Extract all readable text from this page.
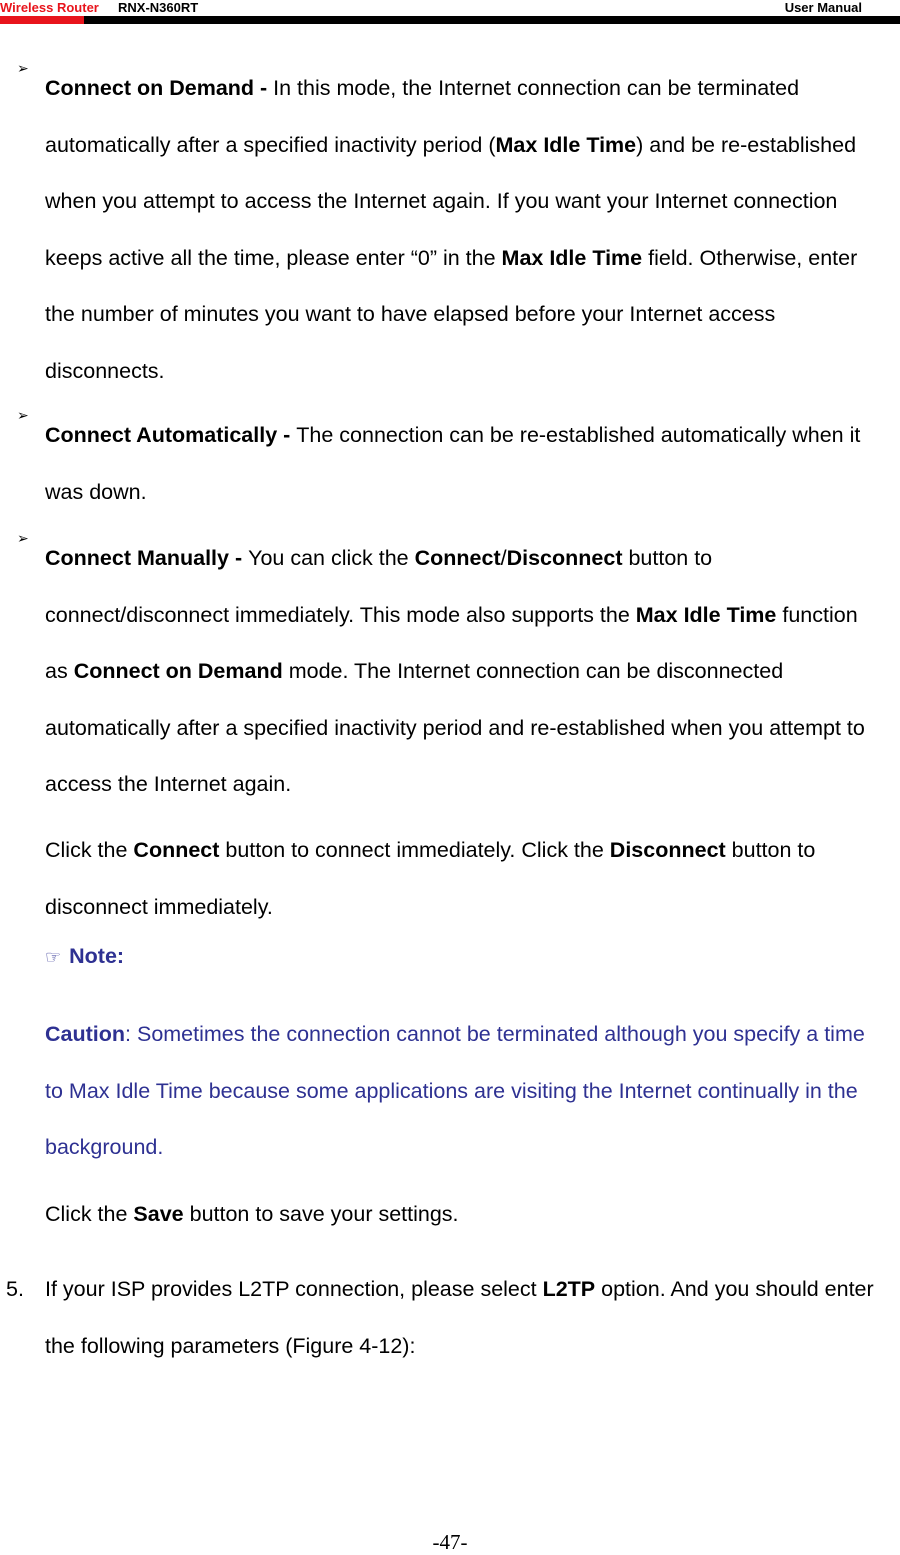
Wireless Router RNX-N360RT	User Manual
➢
Connect on Demand - In this mode, the Internet connection can be terminated automatically after a specified inactivity period (Max Idle Time) and be re-established when you attempt to access the Internet again. If you want your Internet connection keeps active all the time, please enter “0” in the Max Idle Time field. Otherwise, enter the number of minutes you want to have elapsed before your Internet access disconnects.
➢
Connect Automatically - The connection can be re-established automatically when it was down.
➢
Connect Manually - You can click the Connect/Disconnect button to connect/disconnect immediately. This mode also supports the Max Idle Time function as Connect on Demand mode. The Internet connection can be disconnected automatically after a specified inactivity period and re-established when you attempt to access the Internet again.
Click the Connect button to connect immediately. Click the Disconnect button to disconnect immediately.
☞ Note:
Caution: Sometimes the connection cannot be terminated although you specify a time to Max Idle Time because some applications are visiting the Internet continually in the background.
Click the Save button to save your settings.
5. If your ISP provides L2TP connection, please select L2TP option. And you should enter the following parameters (Figure 4-12):
-47-
